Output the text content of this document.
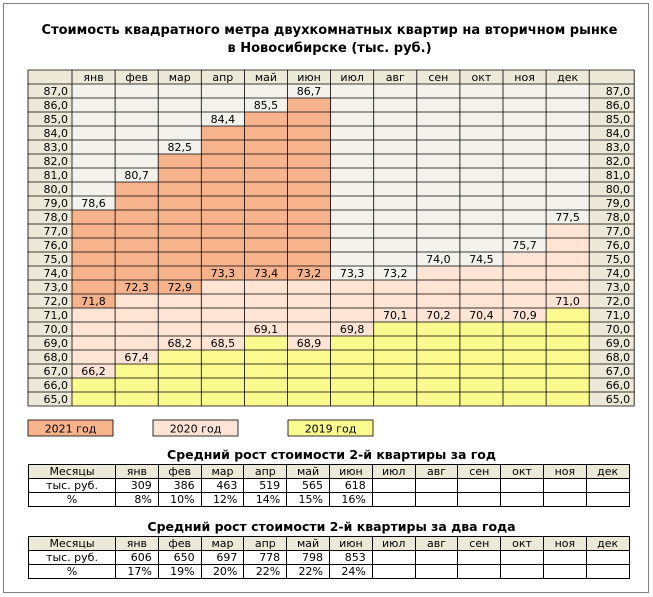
Стоимость квадратного метра двухкомнатных квартир на вторичном рынке
в Новосибирске (тыс. руб.)
янв фев мар апр май июн июл авг сен окт ноя дек
87,0	87,0
86,0	86,0
85,0	85,0
84,0	84,0
83,0	83,0
82,0	82,0
81,0	81,0
80,0	80,0
79,0	79,0
78,0	78,0
77,0	77,0
76,0	76,0
75,0	75,0
74,0	74,0
73,0	73,0
72,0	72,0
71,0	71,0
70,0	70,0
69,0	69,0
68,0	68,0
67,0	67,0
66,0	66,0
65,0	65,0
78,6
71,8
66,2
80,7
72,3
67,4
82,5
72,9
68,2
84,4
73,3
68,5
85,5
73,4
69,1
86,7
73,2
68,9
73,3
69,8
73,2
70,1
74,0
70,2
74,5
70,4
75,7
70,9
77,5
71,0
2021 год	2020 год	2019 год
Средний рост стоимости 2-й квартиры за год
Месяцы	янв	фев	мар	апр	май	июн	июл	авг	сен	окт	ноя	дек
тыс. руб.	309	386	463	519	565	618						
%	8%	10%	12%	14%	15%	16%						
Средний рост стоимости 2-й квартиры за два года
Месяцы	янв	фев	мар	апр	май	июн	июл	авг	сен	окт	ноя	дек
тыс. руб.	606	650	697	778	798	853						
%	17%	19%	20%	22%	22%	24%						
